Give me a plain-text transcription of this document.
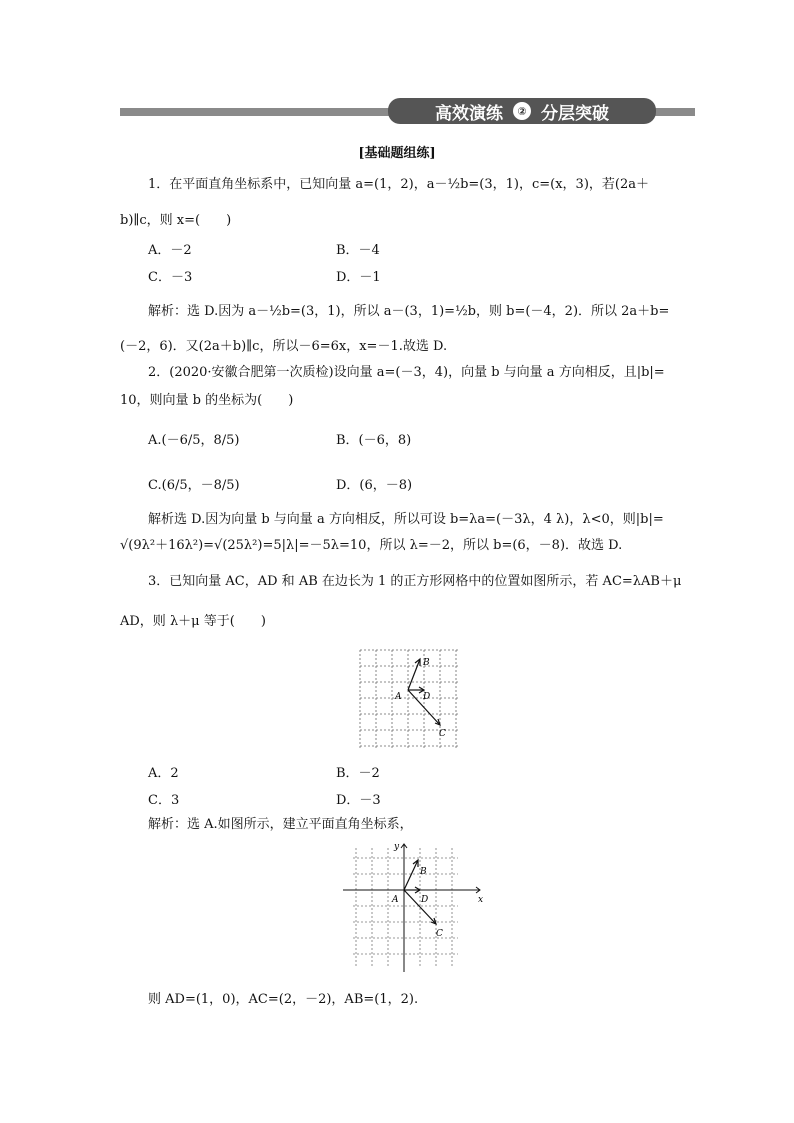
高效演练	② 分层突破
[基础题组练]
1．在平面直角坐标系中，已知向量 a=(1，2)，a－½b=(3，1)，c=(x，3)，若(2a＋
b)∥c，则 x=(　　)
A．－2	B．－4
C．－3	D．－1
解析：选 D.因为 a－½b=(3，1)，所以 a－(3，1)=½b，则 b=(－4，2)．所以 2a＋b=
(－2，6)．又(2a＋b)∥c，所以－6=6x，x=－1.故选 D.
2．(2020·安徽合肥第一次质检)设向量 a=(－3，4)，向量 b 与向量 a 方向相反，且|b|=
10，则向量 b 的坐标为(　　)
A.(－6/5，8/5)	B．(－6，8)
C.(6/5，－8/5)	D．(6，－8)
解析选 D.因为向量 b 与向量 a 方向相反，所以可设 b=λa=(－3λ，4 λ)，λ<0，则|b|=
√(9λ²＋16λ²)=√(25λ²)=5|λ|=－5λ=10，所以 λ=－2，所以 b=(6，－8)．故选 D.
3．已知向量 AC，AD 和 AB 在边长为 1 的正方形网格中的位置如图所示，若 AC=λAB＋μ
AD，则 λ＋μ 等于(　　)
A
B
D
C
A．2	B．－2
C．3	D．－3
解析：选 A.如图所示，建立平面直角坐标系，
A
B
D
C
x
y
则 AD=(1，0)，AC=(2，－2)，AB=(1，2).
